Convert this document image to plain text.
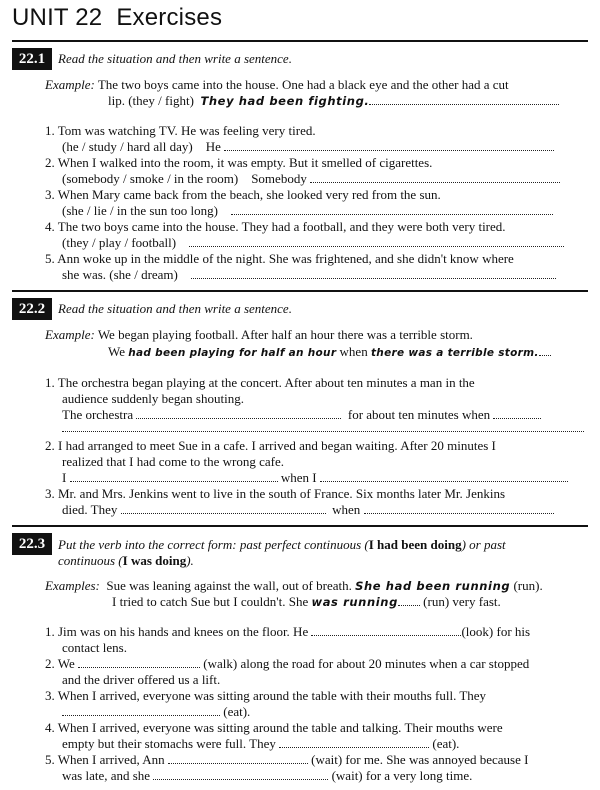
UNIT 22 Exercises
22.1 Read the situation and then write a sentence.
Example: The two boys came into the house. One had a black eye and the other had a cut
lip. (they / fight) They had been fighting.
1. Tom was watching TV. He was feeling very tired.
(he / study / hard all day) He
2. When I walked into the room, it was empty. But it smelled of cigarettes.
(somebody / smoke / in the room) Somebody
3. When Mary came back from the beach, she looked very red from the sun.
(she / lie / in the sun too long)
4. The two boys came into the house. They had a football, and they were both very tired.
(they / play / football)
5. Ann woke up in the middle of the night. She was frightened, and she didn't know where
she was. (she / dream)
22.2 Read the situation and then write a sentence.
Example: We began playing football. After half an hour there was a terrible storm.
We had been playing for half an hour when there was a terrible storm.
1. The orchestra began playing at the concert. After about ten minutes a man in the
audience suddenly began shouting.
The orchestra	for about ten minutes when
2. I had arranged to meet Sue in a cafe. I arrived and began waiting. After 20 minutes I
realized that I had come to the wrong cafe.
I	when I
3. Mr. and Mrs. Jenkins went to live in the south of France. Six months later Mr. Jenkins
died. They	when
22.3 Put the verb into the correct form: past perfect continuous (I had been doing) or past
continuous (I was doing).
Examples: Sue was leaning against the wall, out of breath. She had been running (run).
I tried to catch Sue but I couldn't. She was running (run) very fast.
1. Jim was on his hands and knees on the floor. He	(look) for his
contact lens.
2. We	(walk) along the road for about 20 minutes when a car stopped
and the driver offered us a lift.
3. When I arrived, everyone was sitting around the table with their mouths full. They
(eat).
4. When I arrived, everyone was sitting around the table and talking. Their mouths were
empty but their stomachs were full. They	(eat).
5. When I arrived, Ann	(wait) for me. She was annoyed because I
was late, and she	(wait) for a very long time.
